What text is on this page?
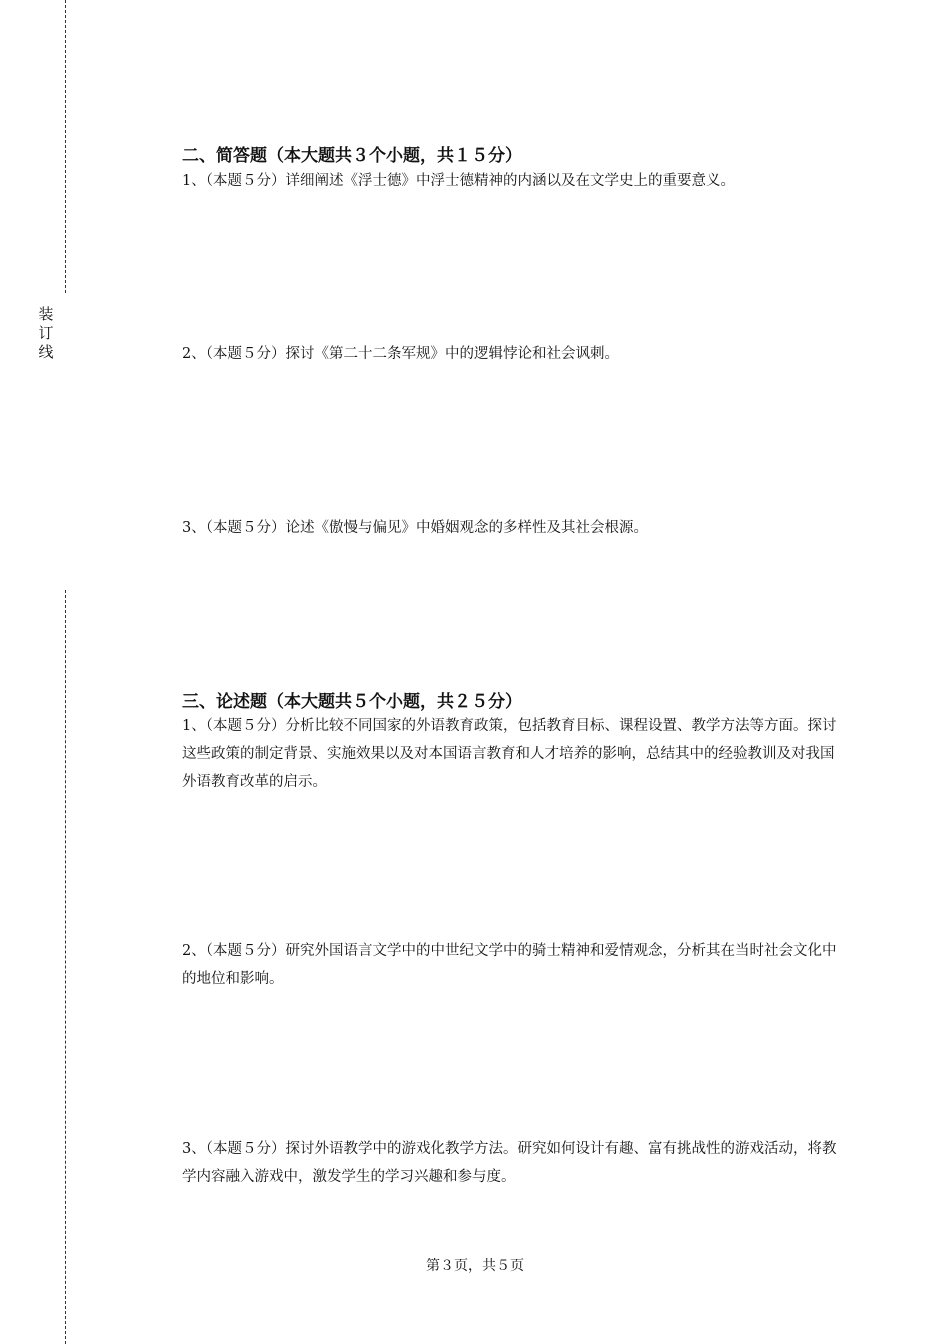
装
订
线
二、简答题（本大题共３个小题，共１５分）

1、（本题５分）详细阐述《浮士德》中浮士德精神的内涵以及在文学史上的重要意义。

2、（本题５分）探讨《第二十二条军规》中的逻辑悖论和社会讽刺。

3、（本题５分）论述《傲慢与偏见》中婚姻观念的多样性及其社会根源。

三、论述题（本大题共５个小题，共２５分）

1、（本题５分）分析比较不同国家的外语教育政策，包括教育目标、课程设置、教学方法等方面。探讨这些政策的制定背景、实施效果以及对本国语言教育和人才培养的影响，总结其中的经验教训及对我国外语教育改革的启示。

2、（本题５分）研究外国语言文学中的中世纪文学中的骑士精神和爱情观念，分析其在当时社会文化中的地位和影响。

3、（本题５分）探讨外语教学中的游戏化教学方法。研究如何设计有趣、富有挑战性的游戏活动，将教学内容融入游戏中，激发学生的学习兴趣和参与度。

第３页，共５页
